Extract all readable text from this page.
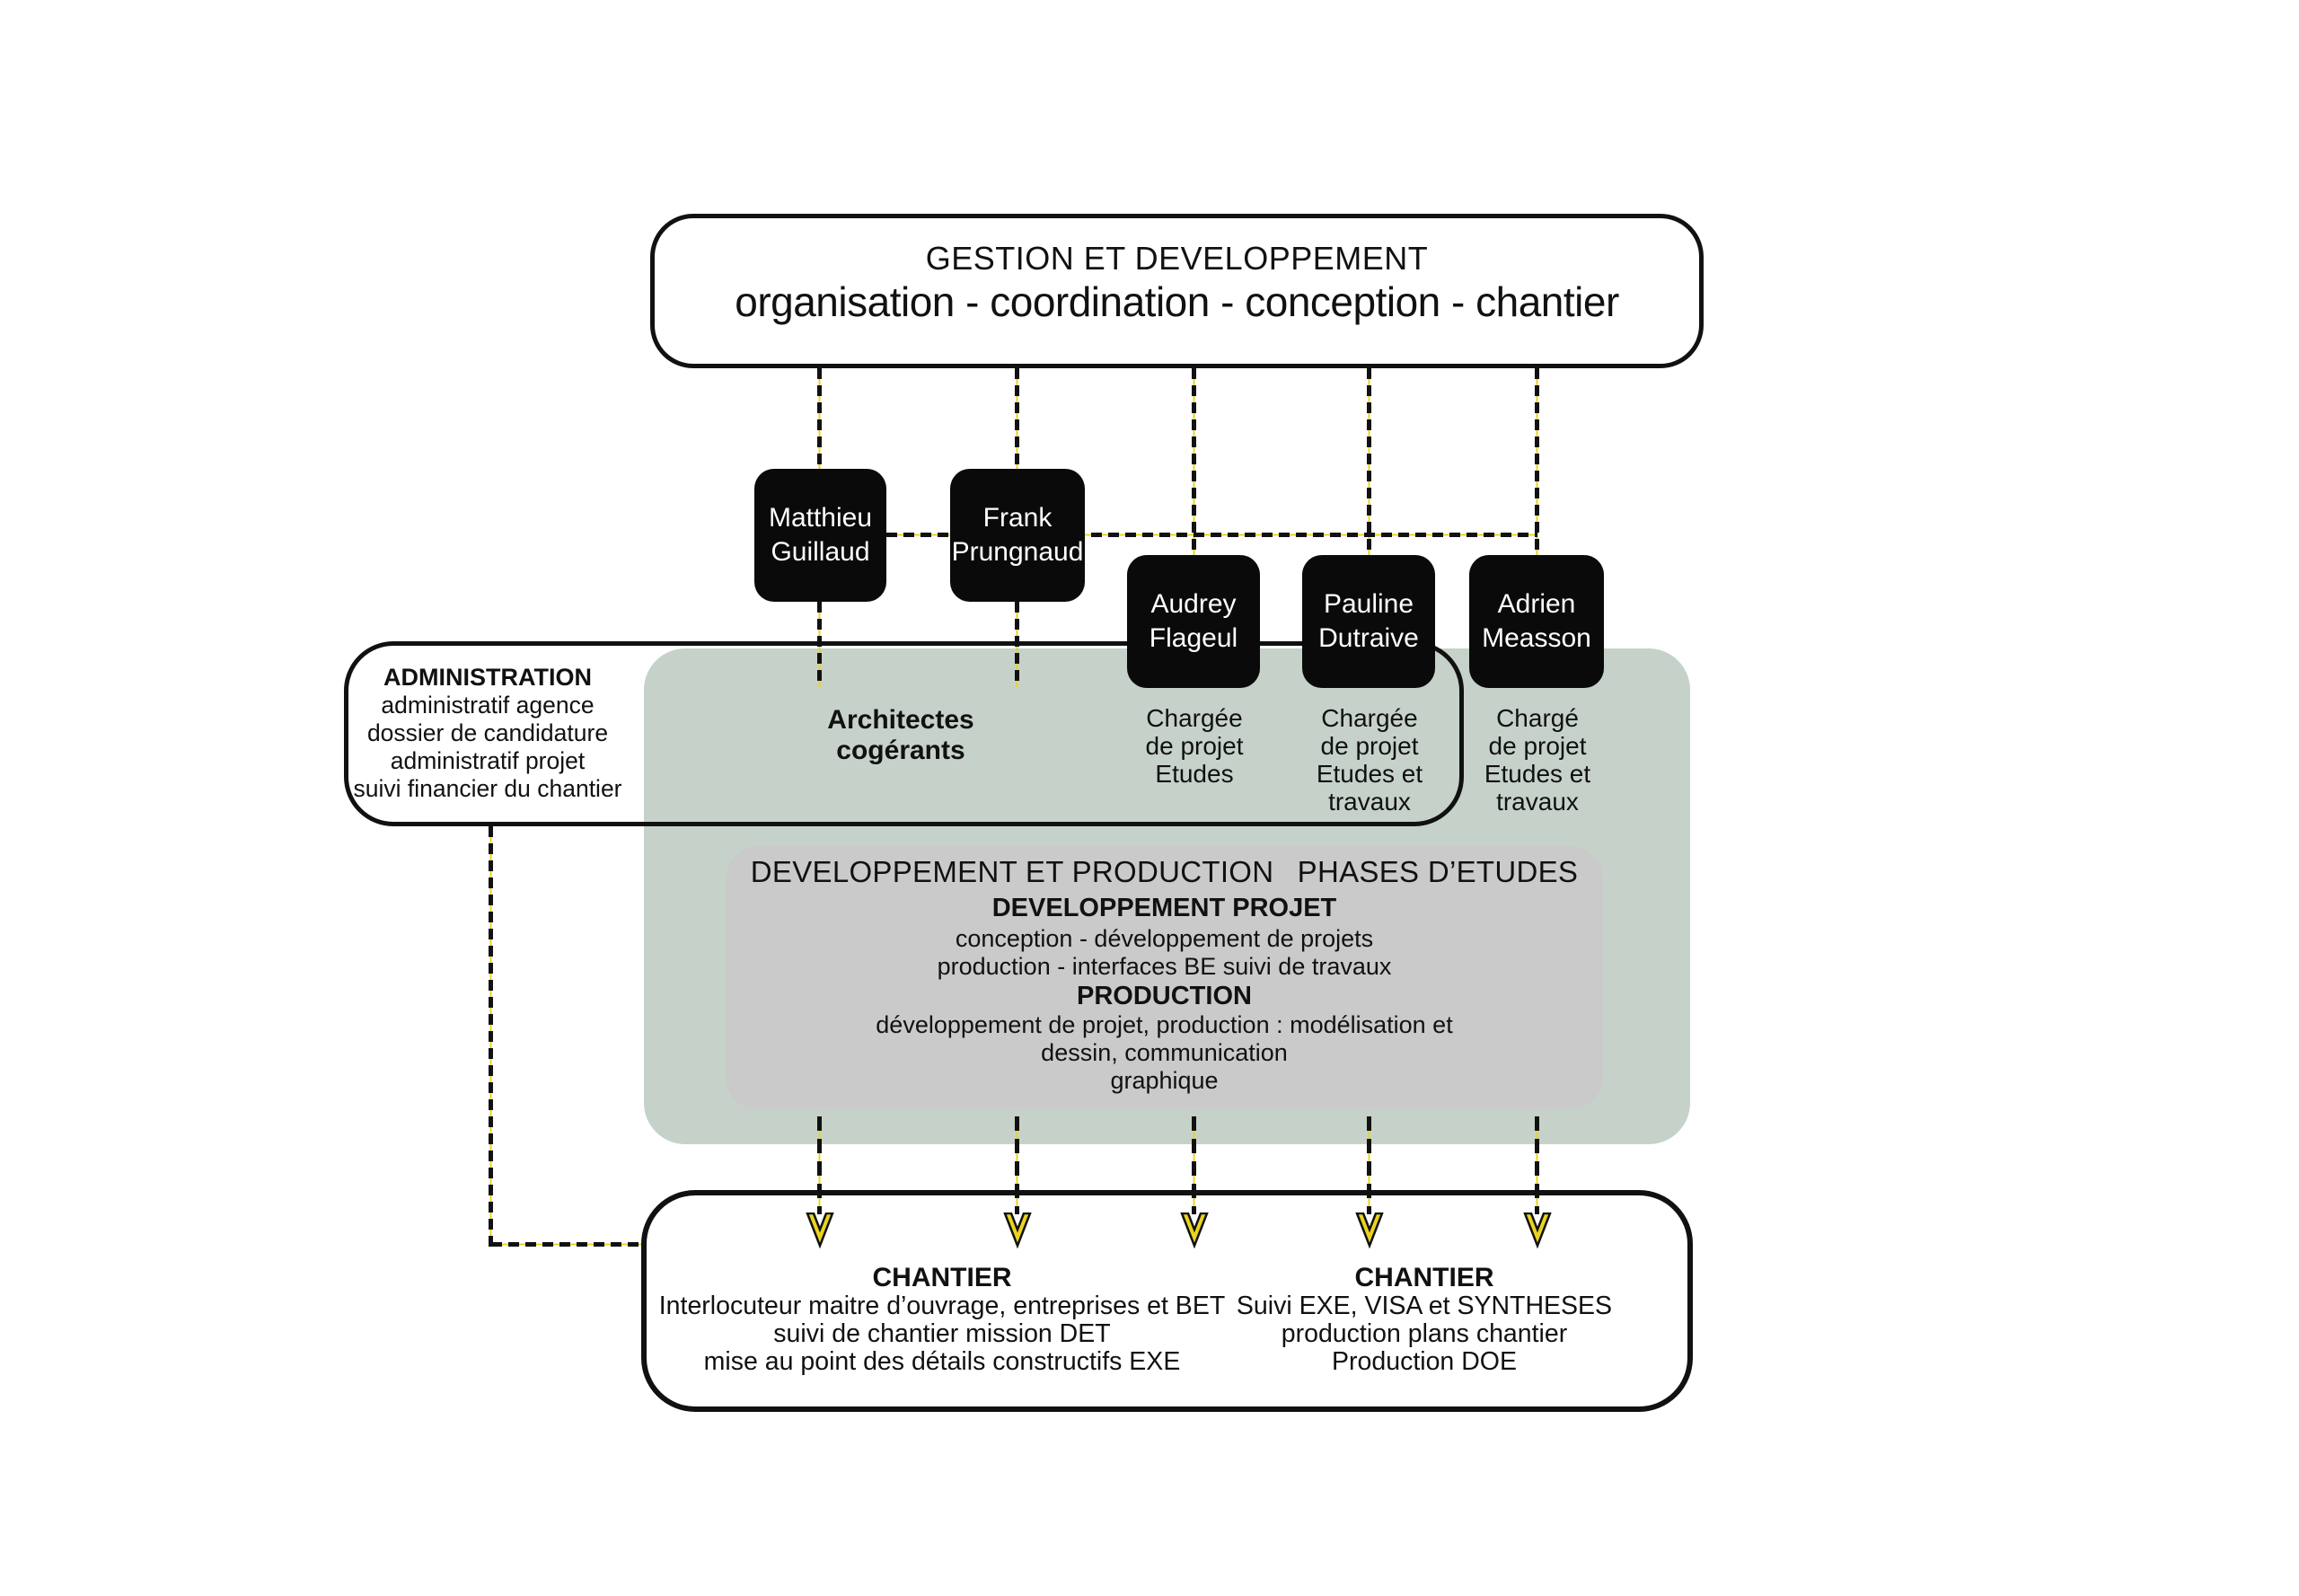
GESTION ET DEVELOPPEMENT
organisation - coordination - conception - chantier
ADMINISTRATION
administratif agence
dossier de candidature
administratif projet
suivi financier du chantier
DEVELOPPEMENT ET PRODUCTION  PHASES D’ETUDES
DEVELOPPEMENT PROJET
conception - développement de projets
production - interfaces BE suivi de travaux
PRODUCTION
développement de projet, production : modélisation et
dessin, communication
graphique
CHANTIER
Interlocuteur maitre d’ouvrage, entreprises et BET
suivi de chantier mission DET
mise au point des détails constructifs EXE
CHANTIER
Suivi EXE, VISA et SYNTHESES
production plans chantier
Production DOE
Matthieu
Guillaud
Frank
Prungnaud
Audrey
Flageul
Pauline
Dutraive
Adrien
Measson
Architectes cogérants
Chargée
de projet
Etudes
Chargée
de projet
Etudes et
travaux
Chargé
de projet
Etudes et
travaux
